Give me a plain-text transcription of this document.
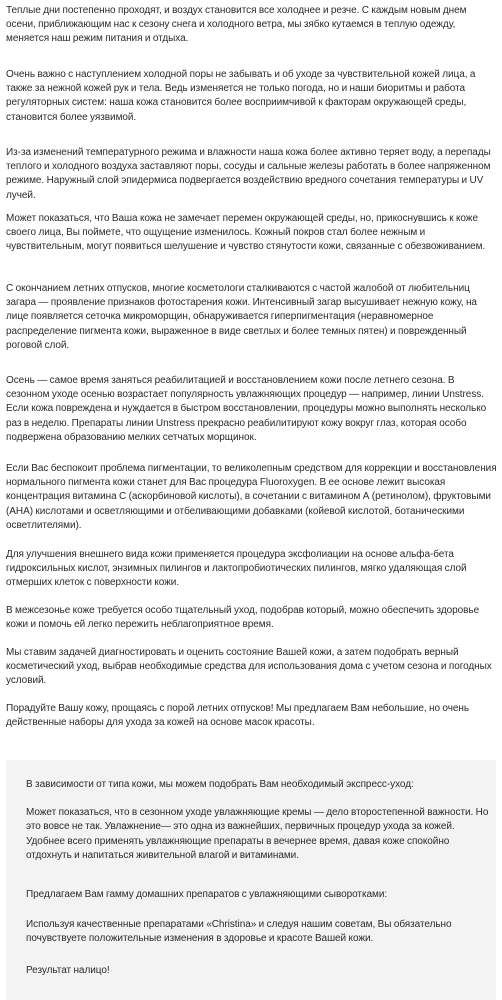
Теплые дни постепенно проходят, и воздух становится все холоднее и резче. С каждым новым днем осени, приближающим нас к сезону снега и холодного ветра, мы зябко кутаемся в теплую одежду, меняется наш режим питания и отдыха.

Очень важно с наступлением холодной поры не забывать и об уходе за чувствительной кожей лица, а также за нежной кожей рук и тела. Ведь изменяется не только погода, но и наши биоритмы и работа регуляторных систем: наша кожа становится более восприимчивой к факторам окружающей среды, становится более уязвимой.

Из-за изменений температурного режима и влажности наша кожа более активно теряет воду, а перепады теплого и холодного воздуха заставляют поры, сосуды и сальные железы работать в более напряженном режиме. Наружный слой эпидермиса подвергается воздействию вредного сочетания температуры и UV лучей.

Может показаться, что Ваша кожа не замечает перемен окружающей среды, но, прикоснувшись к коже своего лица, Вы поймете, что ощущение изменилось. Кожный покров стал более нежным и чувствительным, могут появиться шелушение и чувство стянутости кожи, связанные с обезвоживанием.

С окончанием летних отпусков, многие косметологи сталкиваются с частой жалобой от любительниц загара — проявление признаков фотостарения кожи. Интенсивный загар высушивает нежную кожу, на лице появляется сеточка микроморщин, обнаруживается гиперпигментация (неравномерное распределение пигмента кожи, выраженное в виде светлых и более темных пятен) и поврежденный роговой слой.

Осень — самое время заняться реабилитацией и восстановлением кожи после летнего сезона. В сезонном уходе осенью возрастает популярность увлажняющих процедур — например, линии Unstress. Если кожа повреждена и нуждается в быстром восстановлении, процедуры можно выполнять несколько раз в неделю. Препараты линии Unstress прекрасно реабилитируют кожу вокруг глаз, которая особо подвержена образованию мелких сетчатых морщинок.

Если Вас беспокоит проблема пигментации, то великолепным средством для коррекции и восстановления нормального пигмента кожи станет для Вас процедура Fluoroxygen. В ее основе лежит высокая концентрация витамина С (аскорбиновой кислоты), в сочетании с витамином А (ретинолом), фруктовыми (АНА) кислотами и осветляющими и отбеливающими добавками (койевой кислотой, ботаническими осветлителями).

Для улучшения внешнего вида кожи применяется процедура эксфолиации на основе альфа-бета гидроксильных кислот, энзимных пилингов и лактопробиотических пилингов, мягко удаляющая слой отмерших клеток с поверхности кожи.

В межсезонье коже требуется особо тщательный уход, подобрав который, можно обеспечить здоровье кожи и помочь ей легко пережить неблагоприятное время.

Мы ставим задачей диагностировать и оценить состояние Вашей кожи, а затем подобрать верный косметический уход, выбрав необходимые средства для использования дома с учетом сезона и погодных условий.

Порадуйте Вашу кожу, прощаясь с порой летних отпусков! Мы предлагаем Вам небольшие, но очень действенные наборы для ухода за кожей на основе масок красоты.

В зависимости от типа кожи, мы можем подобрать Вам необходимый экспресс-уход:

Может показаться, что в сезонном уходе увлажняющие кремы — дело второстепенной важности. Но это вовсе не так. Увлажнение— это одна из важнейших, первичных процедур ухода за кожей. Удобнее всего применять увлажняющие препараты в вечернее время, давая коже спокойно отдохнуть и напитаться живительной влагой и витаминами.

Предлагаем Вам гамму домашних препаратов с увлажняющими сыворотками:

Используя качественные препаратами «Christina» и следуя нашим советам, Вы обязательно почувствуете положительные изменения в здоровье и красоте Вашей кожи.

Результат налицо!
